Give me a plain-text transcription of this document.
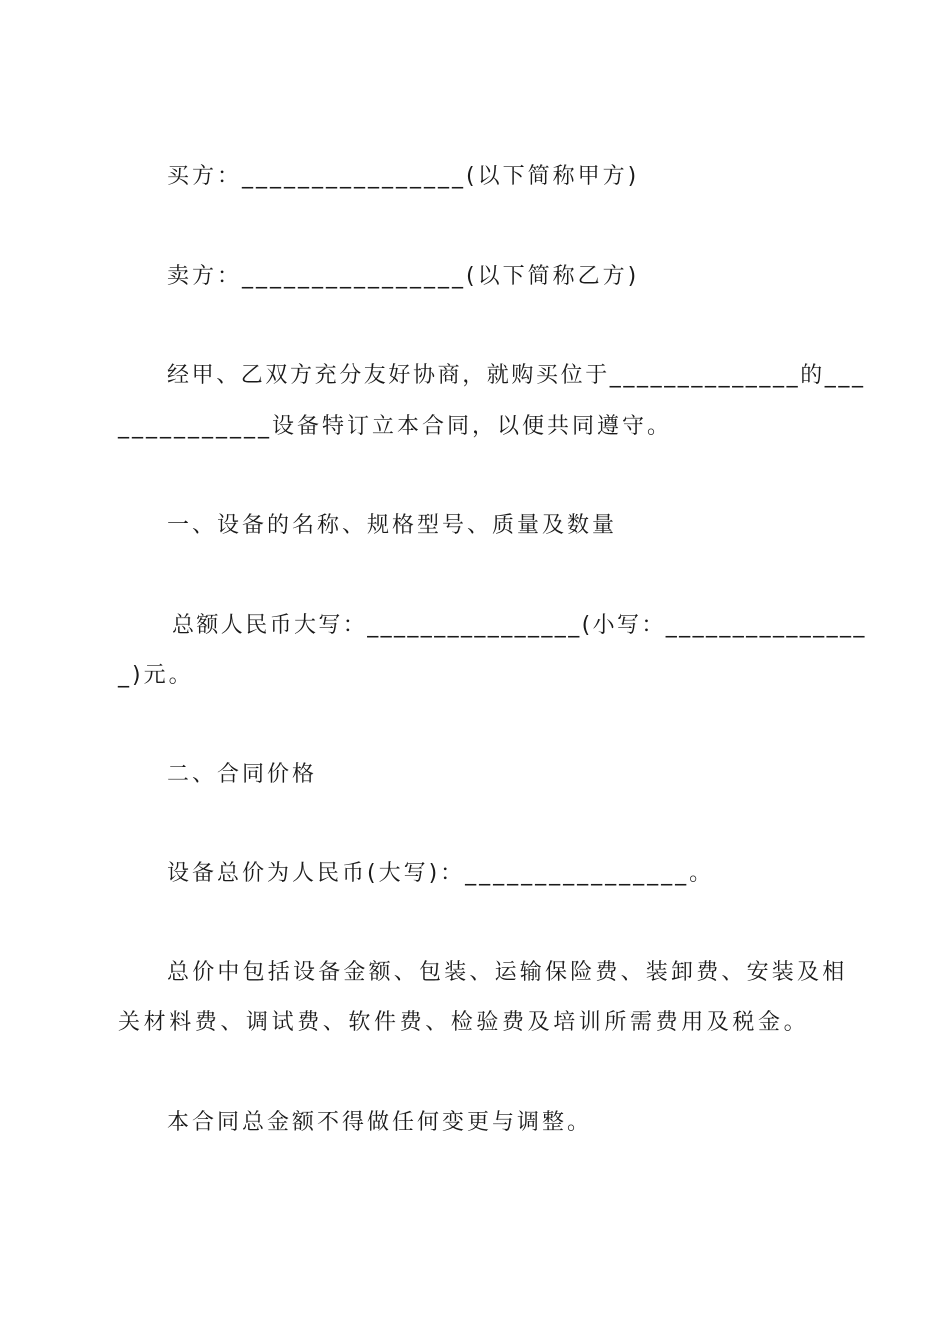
买方：________________(以下简称甲方)
卖方：________________(以下简称乙方)
经甲、乙双方充分友好协商，就购买位于______________的___
___________设备特订立本合同，以便共同遵守。
一、设备的名称、规格型号、质量及数量
总额人民币大写：________________(小写：_______________
_)元。
二、合同价格
设备总价为人民币(大写)：________________。
总价中包括设备金额、包装、运输保险费、装卸费、安装及相
关材料费、调试费、软件费、检验费及培训所需费用及税金。
本合同总金额不得做任何变更与调整。
